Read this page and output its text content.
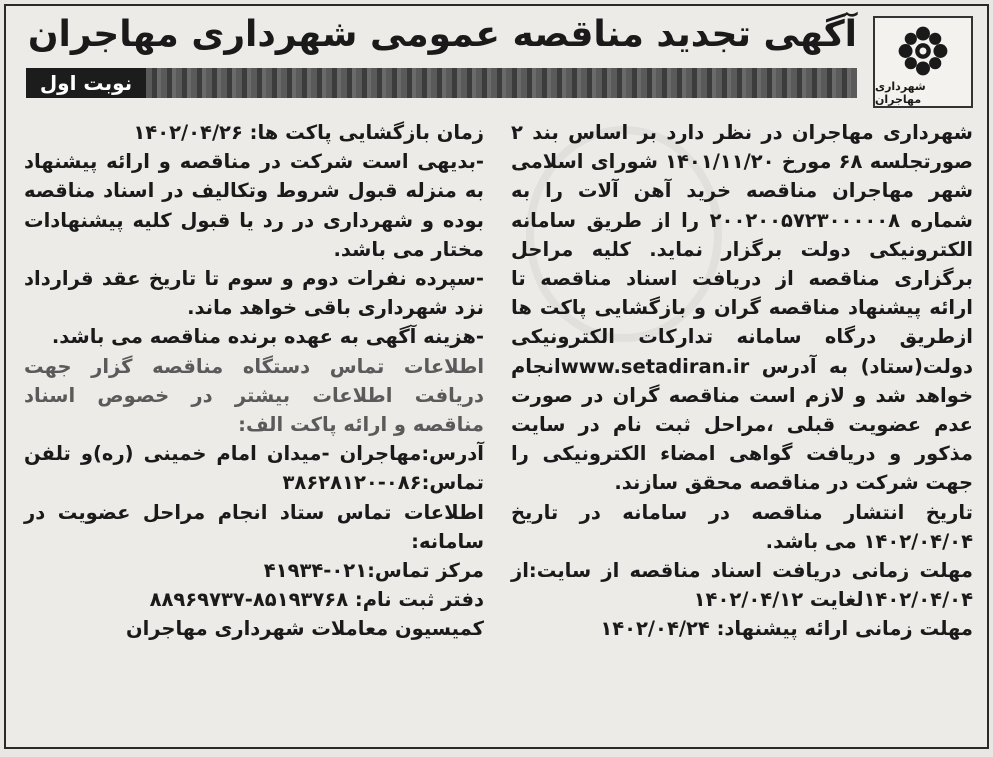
شهرداری مهاجران
آگهی تجدید مناقصه عمومی شهرداری مهاجران
نوبت اول

شهرداری مهاجران در نظر دارد بر اساس بند ۲ صورتجلسه ۶۸ مورخ ۱۴۰۱/۱۱/۲۰ شورای اسلامی شهر مهاجران مناقصه خرید آهن آلات را به شماره ۲۰۰۲۰۰۵۷۲۳۰۰۰۰۰۸ را از طریق سامانه الکترونیکی دولت برگزار نماید. کلیه مراحل برگزاری مناقصه از دریافت اسناد مناقصه تا ارائه پیشنهاد مناقصه گران و بازگشایی پاکت ها ازطریق درگاه سامانه تدارکات الکترونیکی دولت(ستاد) به آدرس www.setadiran.irانجام خواهد شد و لازم است مناقصه گران در صورت عدم عضویت قبلی ،مراحل ثبت نام در سایت مذکور و دریافت گواهی امضاء الکترونیکی را جهت شرکت در مناقصه محقق سازند.

تاریخ انتشار مناقصه در سامانه در تاریخ ۱۴۰۲/۰۴/۰۴ می باشد.

مهلت زمانی دریافت اسناد مناقصه از سایت:از ۱۴۰۲/۰۴/۰۴لغایت ۱۴۰۲/۰۴/۱۲

مهلت زمانی ارائه پیشنهاد: ۱۴۰۲/۰۴/۲۴

زمان بازگشایی پاکت ها: ۱۴۰۲/۰۴/۲۶

-بدیهی است شرکت در مناقصه و ارائه پیشنهاد به منزله قبول شروط وتکالیف در اسناد مناقصه بوده و شهرداری در رد یا قبول کلیه پیشنهادات مختار می باشد.

-سپرده نفرات دوم و سوم تا تاریخ عقد قرارداد نزد شهرداری باقی خواهد ماند.

-هزینه آگهی به عهده برنده مناقصه می باشد.

اطلاعات تماس دستگاه مناقصه گزار جهت دریافت اطلاعات بیشتر در خصوص اسناد مناقصه و ارائه پاکت الف:

آدرس:مهاجران -میدان امام خمینی (ره)و تلفن تماس:۰۸۶-۳۸۶۲۸۱۲۰

اطلاعات تماس ستاد انجام مراحل عضویت در سامانه:

مرکز تماس:۰۲۱-۴۱۹۳۴

دفتر ثبت نام: ۸۵۱۹۳۷۶۸-۸۸۹۶۹۷۳۷

کمیسیون معاملات شهرداری مهاجران
